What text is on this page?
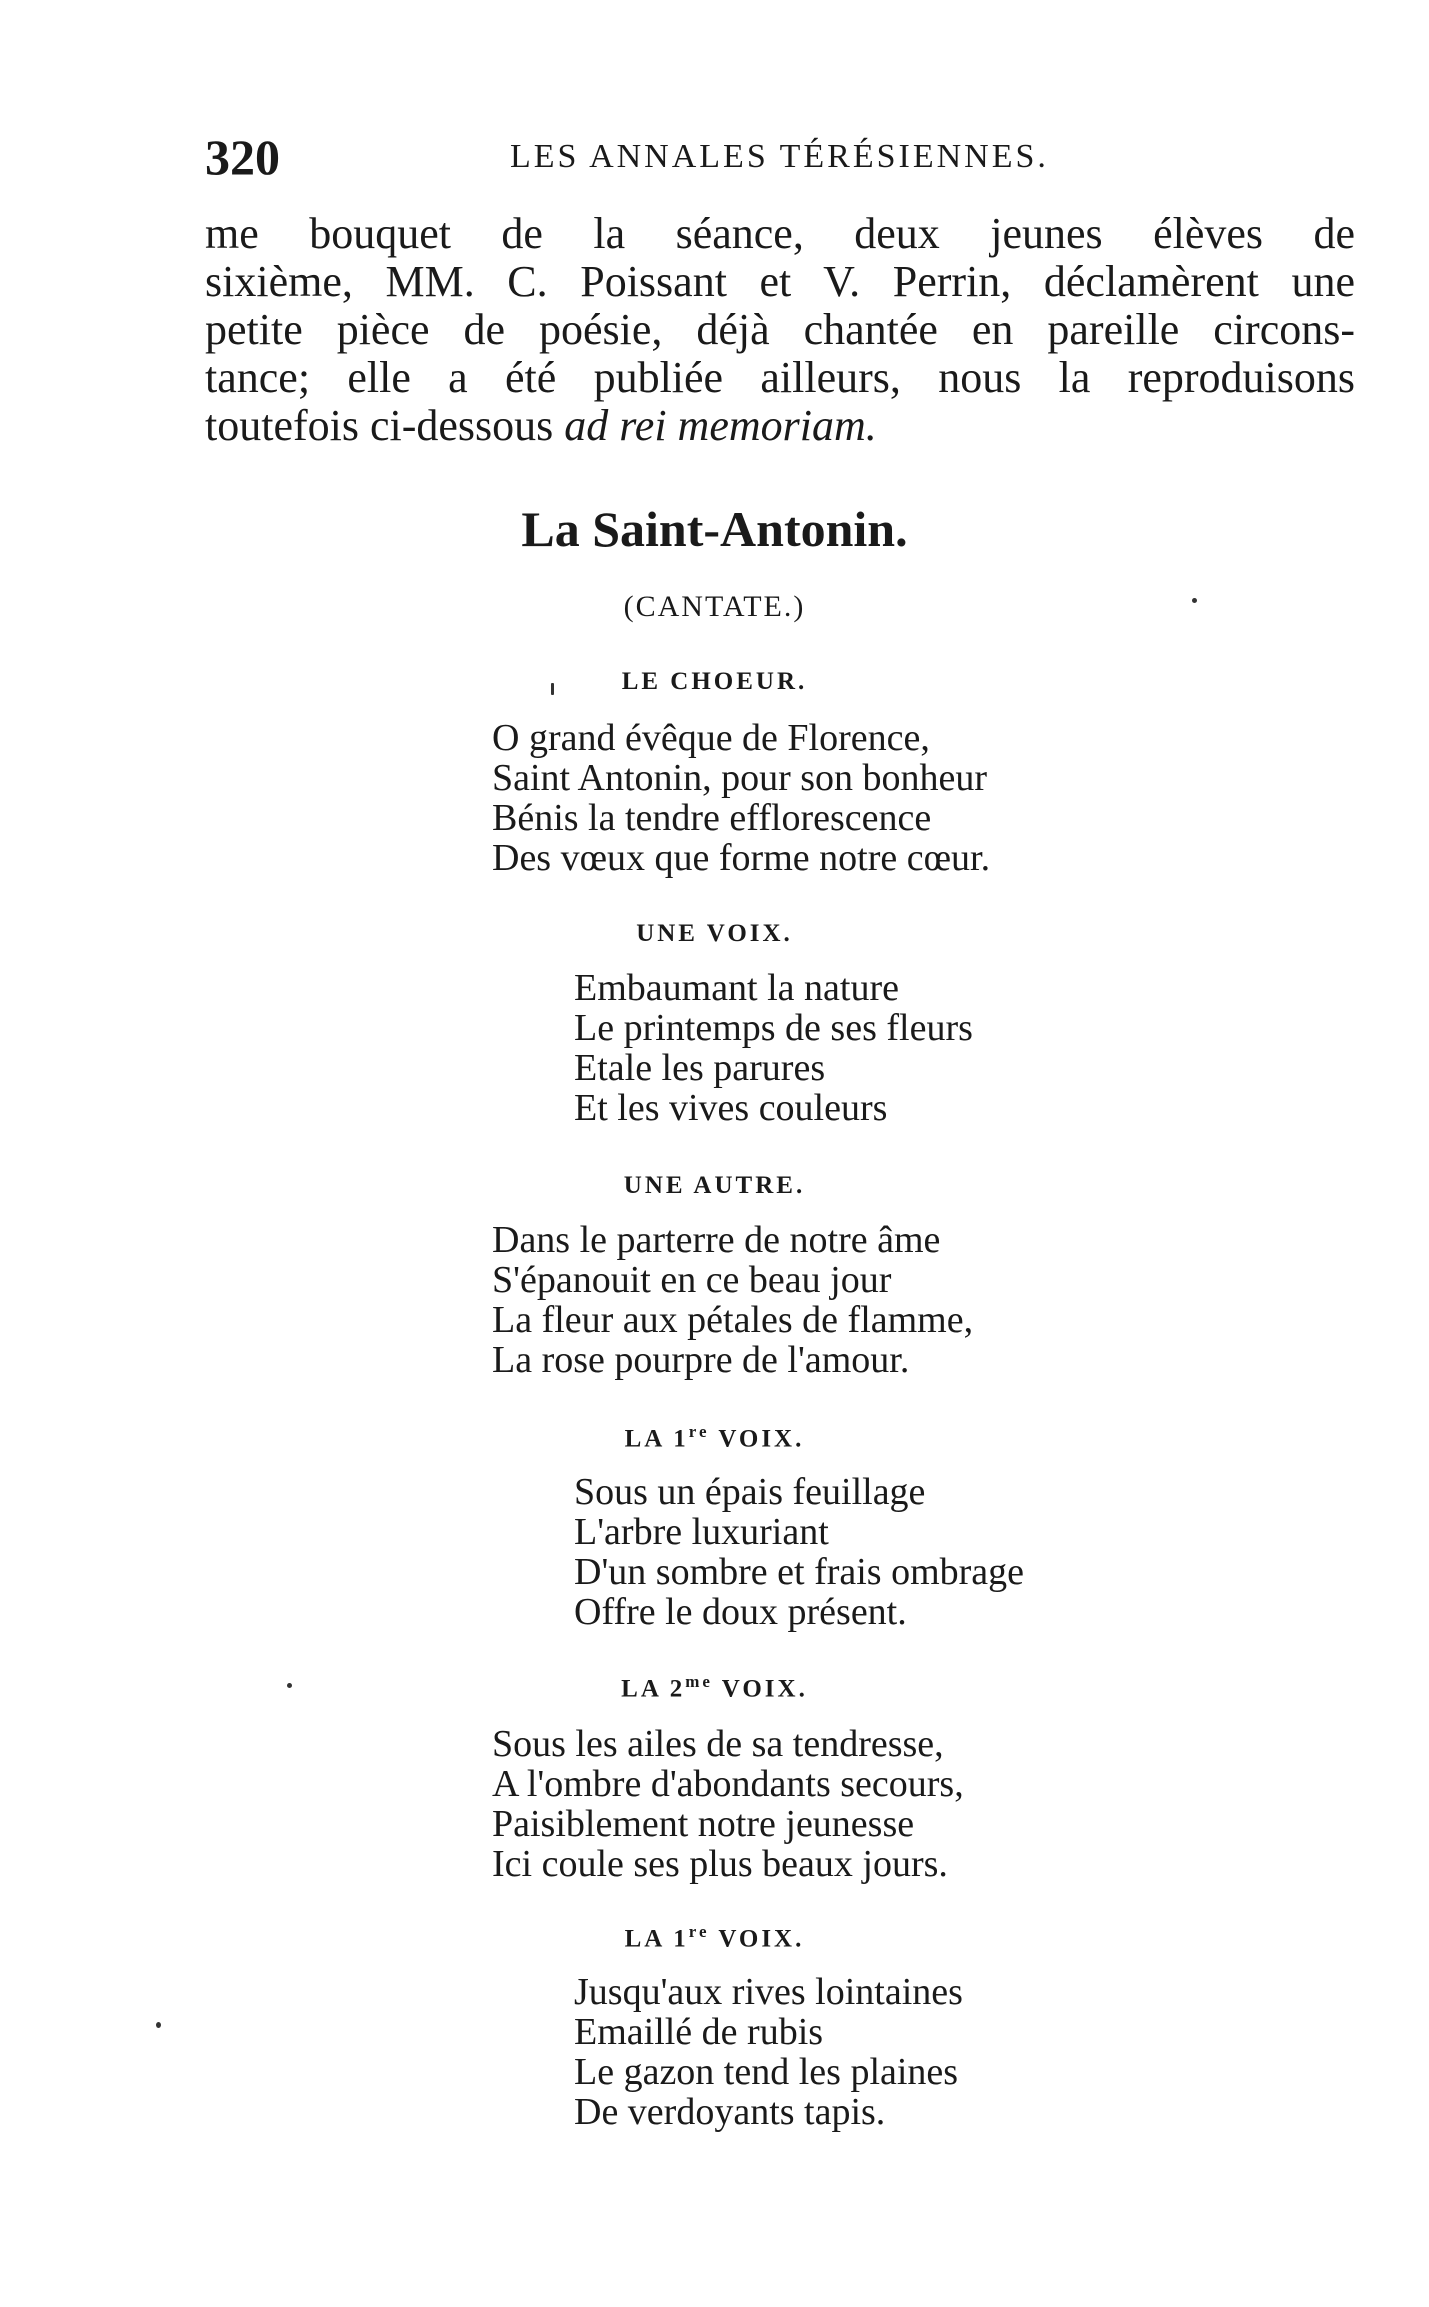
320	LES ANNALES TÉRÉSIENNES.
me bouquet de la séance, deux jeunes élèves de
sixième, MM. C. Poissant et V. Perrin, déclamèrent une
petite pièce de poésie, déjà chantée en pareille circons-
tance; elle a été publiée ailleurs, nous la reproduisons
toutefois ci-dessous ad rei memoriam.
La Saint-Antonin.
(CANTATE.)
LE CHOEUR.
O grand évêque de Florence,
Saint Antonin, pour son bonheur
Bénis la tendre efflorescence
Des vœux que forme notre cœur.
UNE VOIX.
Embaumant la nature
Le printemps de ses fleurs
Etale les parures
Et les vives couleurs
UNE AUTRE.
Dans le parterre de notre âme
S'épanouit en ce beau jour
La fleur aux pétales de flamme,
La rose pourpre de l'amour.
LA 1re VOIX.
Sous un épais feuillage
L'arbre luxuriant
D'un sombre et frais ombrage
Offre le doux présent.
LA $2^{me}$ VOIX.
Sous les ailes de sa tendresse,
A l'ombre d'abondants secours,
Paisiblement notre jeunesse
Ici coule ses plus beaux jours.
LA 1re VOIX.
Jusqu'aux rives lointaines
Emaillé de rubis
Le gazon tend les plaines
De verdoyants tapis.
